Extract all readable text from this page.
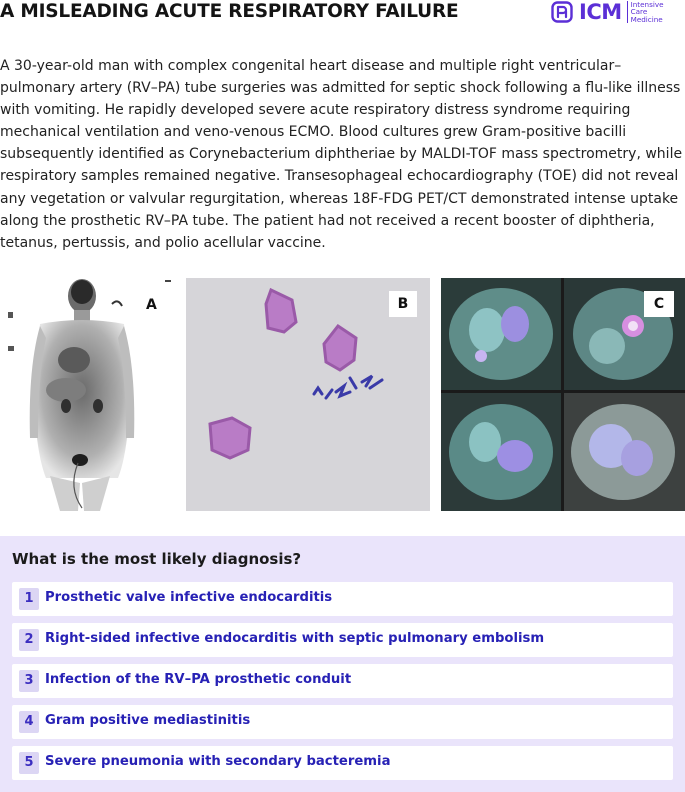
A MISLEADING ACUTE RESPIRATORY FAILURE	ICM Intensive
Care
Medicine
A 30-year-old man with complex congenital heart disease and multiple right ventricular–pulmonary artery (RV–PA) tube surgeries was admitted for septic shock following a flu-like illness with vomiting. He rapidly developed severe acute respiratory distress syndrome requiring mechanical ventilation and veno-venous ECMO. Blood cultures grew Gram-positive bacilli subsequently identified as Corynebacterium diphtheriae by MALDI-TOF mass spectrometry, while respiratory samples remained negative. Transesophageal echocardiography (TOE) did not reveal any vegetation or valvular regurgitation, whereas 18F-FDG PET/CT demonstrated intense uptake along the prosthetic RV–PA tube. The patient had not received a recent booster of diphtheria, tetanus, pertussis, and polio acellular vaccine.
A	B	C
What is the most likely diagnosis?
1 Prosthetic valve infective endocarditis
2 Right-sided infective endocarditis with septic pulmonary embolism
3 Infection of the RV–PA prosthetic conduit
4 Gram positive mediastinitis
5 Severe pneumonia with secondary bacteremia
